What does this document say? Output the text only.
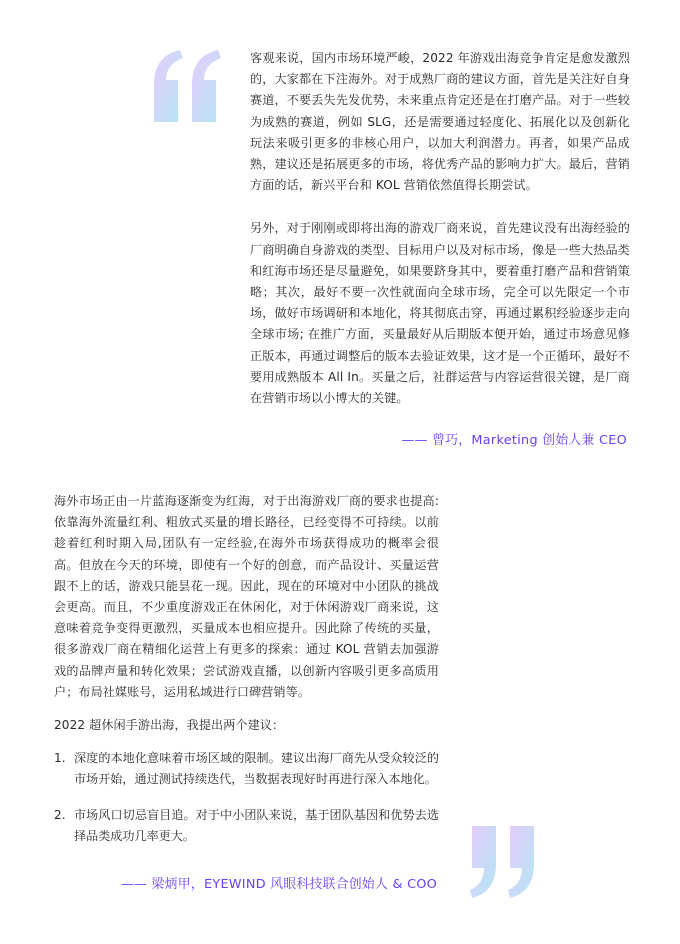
客观来说，国内市场环境严峻，2022 年游戏出海竞争肯定是愈发激烈的，大家都在下注海外。对于成熟厂商的建议方面，首先是关注好自身赛道，不要丢失先发优势，未来重点肯定还是在打磨产品。对于一些较为成熟的赛道，例如 SLG，还是需要通过轻度化、拓展化以及创新化玩法来吸引更多的非核心用户，以加大利润潜力。再者，如果产品成熟，建议还是拓展更多的市场，将优秀产品的影响力扩大。最后，营销方面的话，新兴平台和 KOL 营销依然值得长期尝试。

另外，对于刚刚或即将出海的游戏厂商来说，首先建议没有出海经验的厂商明确自身游戏的类型、目标用户以及对标市场，像是一些大热品类和红海市场还是尽量避免，如果要跻身其中，要着重打磨产品和营销策略；其次，最好不要一次性就面向全球市场，完全可以先限定一个市场，做好市场调研和本地化，将其彻底击穿，再通过累积经验逐步走向全球市场; 在推广方面，买量最好从后期版本便开始，通过市场意见修正版本，再通过调整后的版本去验证效果，这才是一个正循环，最好不要用成熟版本 All In。买量之后，社群运营与内容运营很关键，是厂商在营销市场以小博大的关键。

—— 曾巧，Marketing 创始人兼 CEO

海外市场正由一片蓝海逐渐变为红海，对于出海游戏厂商的要求也提高: 依靠海外流量红利、粗放式买量的增长路径，已经变得不可持续。以前趁着红利时期入局,团队有一定经验,在海外市场获得成功的概率会很高。但放在今天的环境，即使有一个好的创意，而产品设计、买量运营跟不上的话，游戏只能昙花一现。因此，现在的环境对中小团队的挑战会更高。而且，不少重度游戏正在休闲化，对于休闲游戏厂商来说，这意味着竞争变得更激烈，买量成本也相应提升。因此除了传统的买量，很多游戏厂商在精细化运营上有更多的探索：通过 KOL 营销去加强游戏的品牌声量和转化效果；尝试游戏直播，以创新内容吸引更多高质用户；布局社媒账号，运用私域进行口碑营销等。

2022 超休闲手游出海，我提出两个建议：

1. 深度的本地化意味着市场区域的限制。建议出海厂商先从受众较泛的市场开始，通过测试持续迭代，当数据表现好时再进行深入本地化。
2. 市场风口切忌盲目追。对于中小团队来说，基于团队基因和优势去选择品类成功几率更大。
—— 梁炳甲，EYEWIND 风眼科技联合创始人 & COO
